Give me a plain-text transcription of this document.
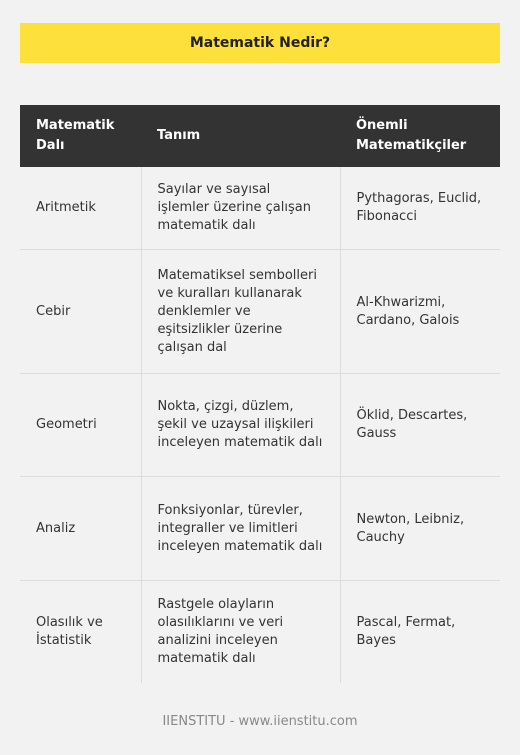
Matematik Nedir?
Matematik Dalı	Tanım	Önemli Matematikçiler
Aritmetik	Sayılar ve sayısal işlemler üzerine çalışan matematik dalı	Pythagoras, Euclid, Fibonacci
Cebir	Matematiksel sembolleri ve kuralları kullanarak denklemler ve eşitsizlikler üzerine çalışan dal	Al-Khwarizmi, Cardano, Galois
Geometri	Nokta, çizgi, düzlem, şekil ve uzaysal ilişkileri inceleyen matematik dalı	Öklid, Descartes, Gauss
Analiz	Fonksiyonlar, türevler, integraller ve limitleri inceleyen matematik dalı	Newton, Leibniz, Cauchy
Olasılık ve İstatistik	Rastgele olayların olasılıklarını ve veri analizini inceleyen matematik dalı	Pascal, Fermat, Bayes
IIENSTITU - www.iienstitu.com
